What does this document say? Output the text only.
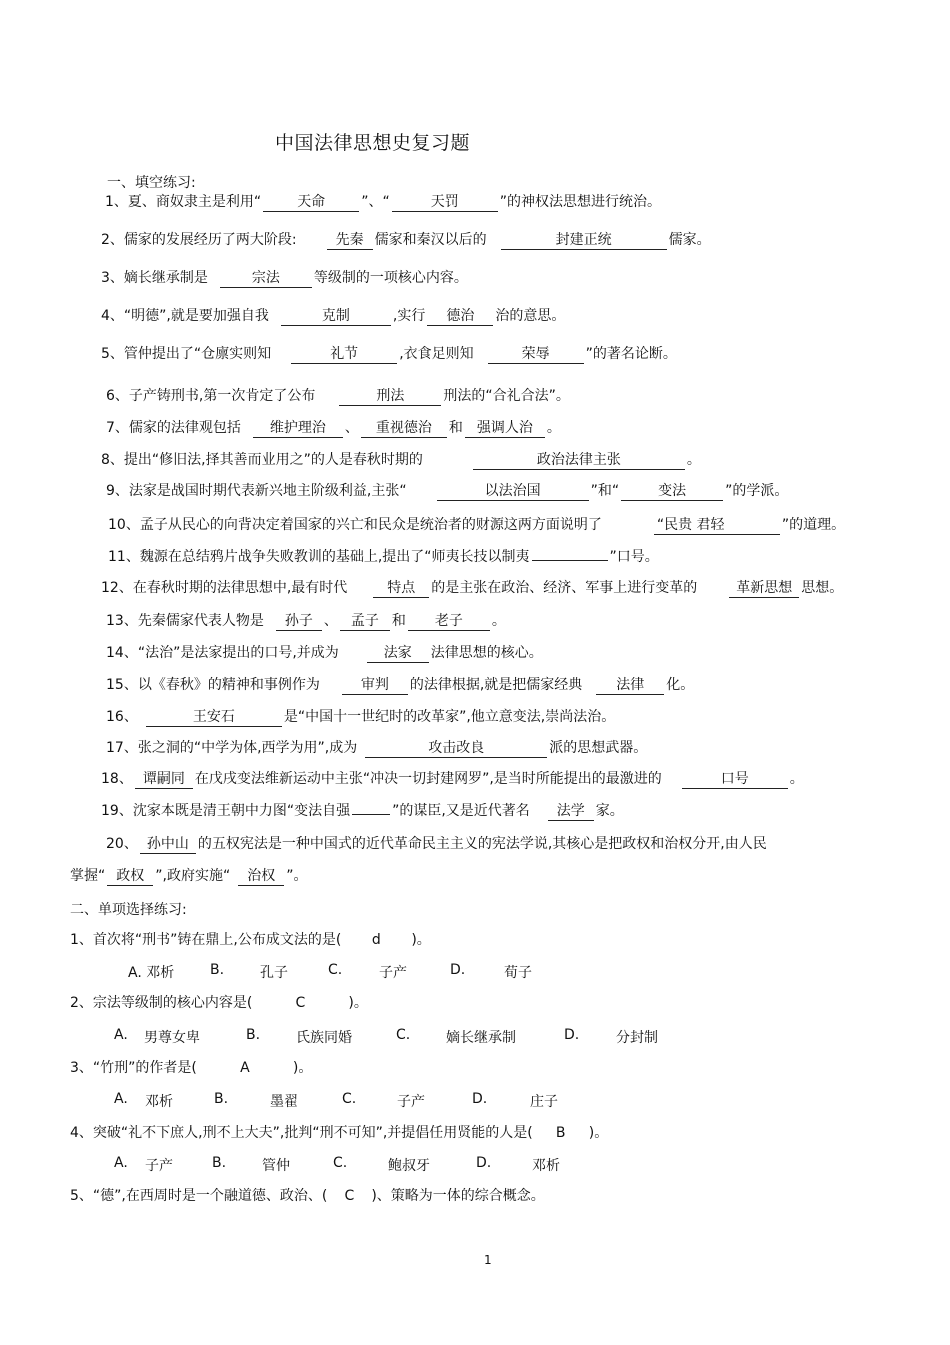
中国法律思想史复习题
一、填空练习:
1、夏、商奴隶主是利用“	天命	”、“	天罚	”的神权法思想进行统治。
2、儒家的发展经历了两大阶段:	先秦 儒家和秦汉以后的	封建正统	儒家。
3、嫡长继承制是	宗法 等级制的一项核心内容。
4、“明德”,就是要加强自我	克制	,实行 德治 治的意思。
5、管仲提出了“仓廪实则知	礼节	,衣食足则知	荣辱	”的著名论断。
6、子产铸刑书,第一次肯定了公布	刑法	刑法的“合礼合法”。
7、儒家的法律观包括 维护理治 、 重视德治 和 强调人治 。
8、提出“修旧法,择其善而业用之”的人是春秋时期的	政治法律主张	。
9、法家是战国时期代表新兴地主阶级利益,主张“	以法治国	”和“	变法	”的学派。
10、孟子从民心的向背决定着国家的兴亡和民众是统治者的财源这两方面说明了	“民贵 君轻	”的道理。
11、魏源在总结鸦片战争失败教训的基础上,提出了“师夷长技以制夷	”口号。
12、在春秋时期的法律思想中,最有时代	特点 的是主张在政治、经济、军事上进行变革的	革新思想 思想。
13、先秦儒家代表人物是 孙子 、 孟子 和 老子 。
14、“法治”是法家提出的口号,并成为	法家 法律思想的核心。
15、以《春秋》的精神和事例作为	审判 的法律根据,就是把儒家经典 法律 化。
16、	王安石	是“中国十一世纪时的改革家”,他立意变法,崇尚法治。
17、张之洞的“中学为体,西学为用”,成为	攻击改良	派的思想武器。
18、 谭嗣同 在戊戌变法维新运动中主张“冲决一切封建网罗”,是当时所能提出的最激进的	口号	。
19、沈家本既是清王朝中力图“变法自强	”的谋臣,又是近代著名 法学 家。
20、 孙中山 的五权宪法是一种中国式的近代革命民主主义的宪法学说,其核心是把政权和治权分开,由人民
掌握“ 政权 ”,政府实施“ 治权 ”。
二、单项选择练习:
1、首次将“刑书”铸在鼎上,公布成文法的是( d )。
A. 邓析	B.	孔子	C.	子产	D.	荀子
2、宗法等级制的核心内容是(	C	)。
A. 男尊女卑	B.	氏族同婚	C.	嫡长继承制	D.	分封制
3、“竹刑”的作者是(	A	)。
A. 邓析	B.	墨翟	C.	子产	D.	庄子
4、突破“礼不下庶人,刑不上大夫”,批判“刑不可知”,并提倡任用贤能的人是( B )。
A. 子产	B.	管仲	C.	鲍叔牙	D.	邓析
5、“德”,在西周时是一个融道德、政治、( C )、策略为一体的综合概念。
1
